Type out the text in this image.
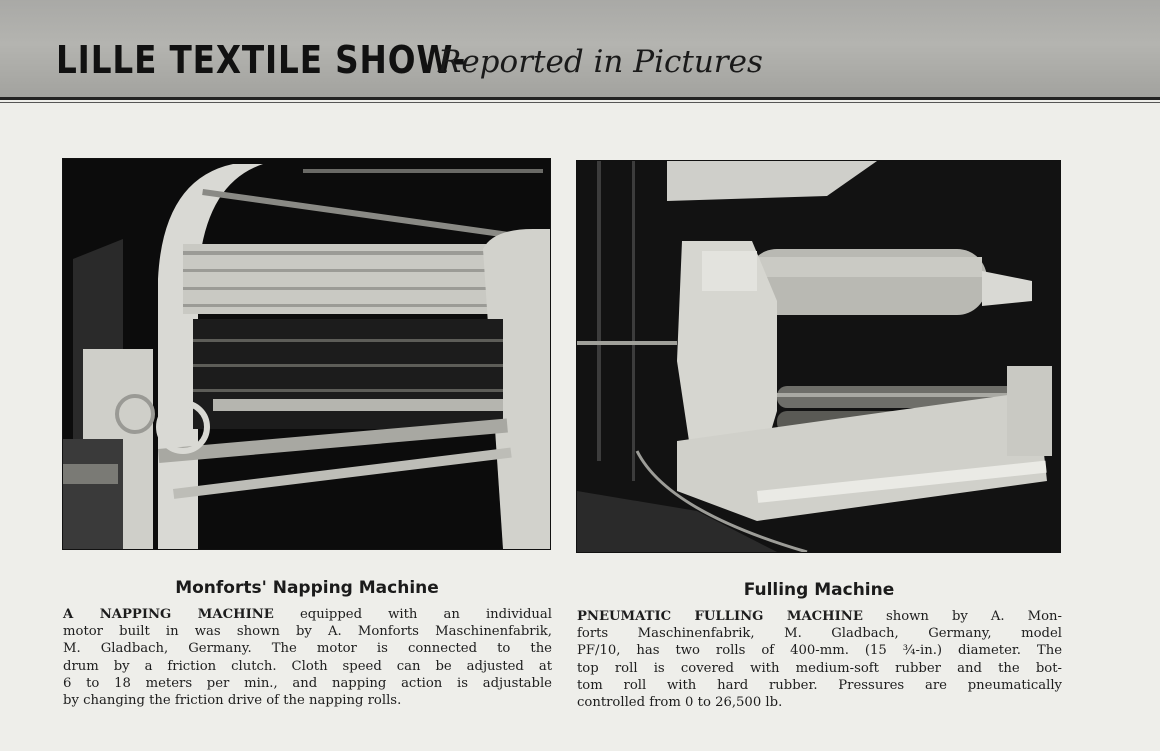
LILLE TEXTILE SHOW-
Reported in Pictures
Monforts' Napping Machine	Fulling Machine
A NAPPING MACHINE equipped with an individual
motor built in was shown by A. Monforts Maschinenfabrik,
M. Gladbach, Germany. The motor is connected to the
drum by a friction clutch. Cloth speed can be adjusted at
6 to 18 meters per min., and napping action is adjustable
by changing the friction drive of the napping rolls.
PNEUMATIC FULLING MACHINE shown by A. Mon-
forts Maschinenfabrik, M. Gladbach, Germany, model
PF/10, has two rolls of 400-mm. (15 ¾-in.) diameter. The
top roll is covered with medium-soft rubber and the bot-
tom roll with hard rubber. Pressures are pneumatically
controlled from 0 to 26,500 lb.
